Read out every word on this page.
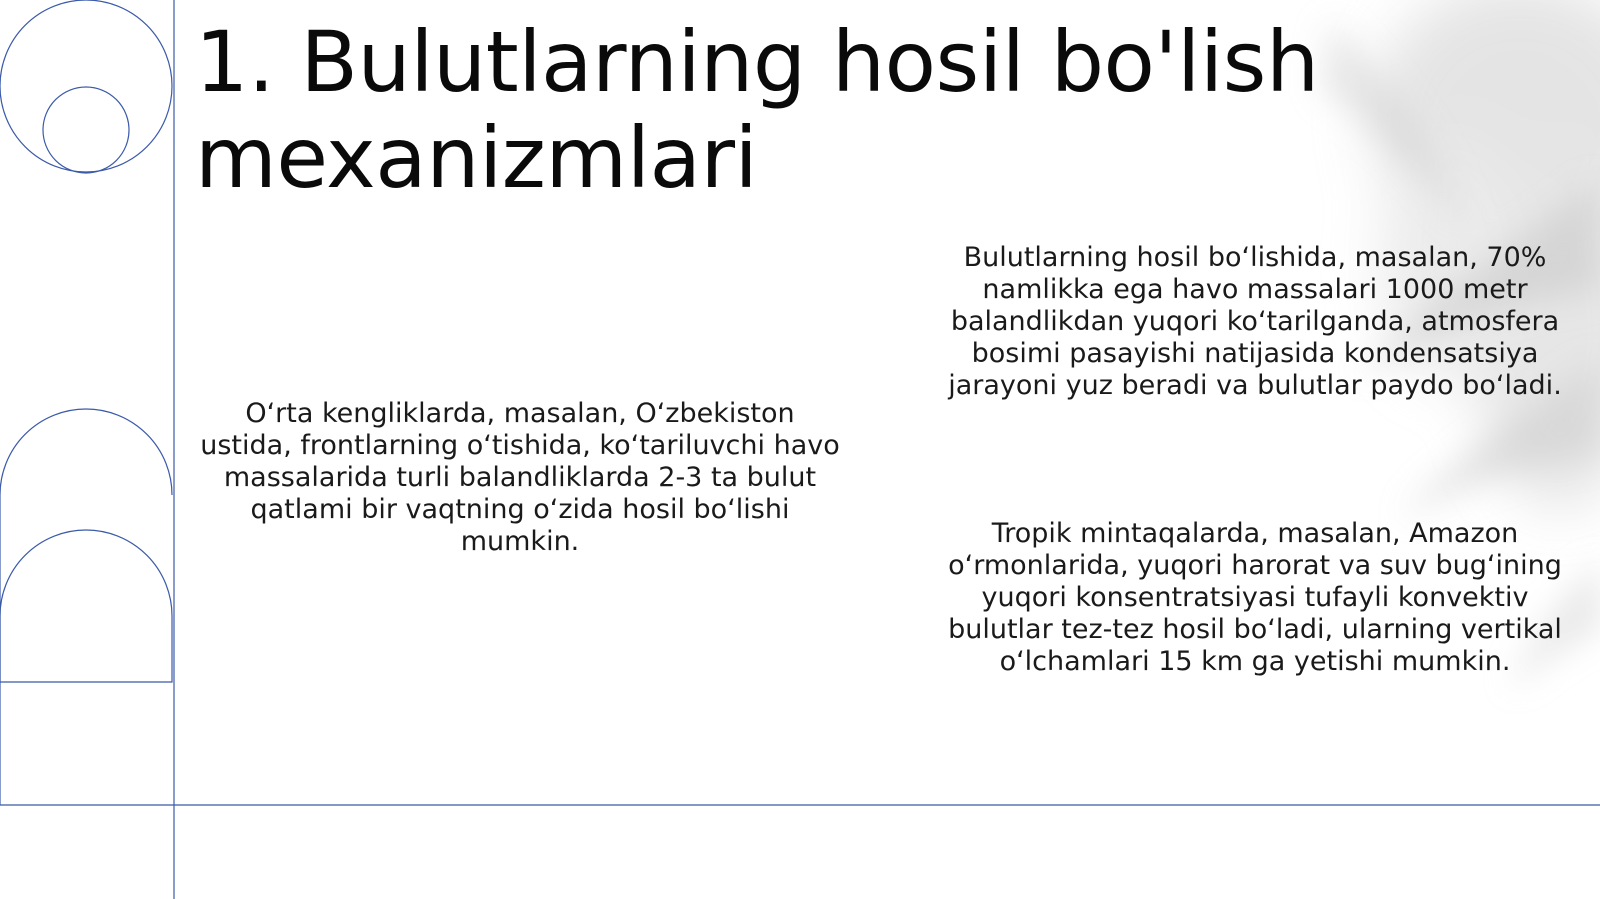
1. Bulutlarning hosil bo'lish mexanizmlari

O‘rta kengliklarda, masalan, O‘zbekiston ustida, frontlarning o‘tishida, ko‘tariluvchi havo massalarida turli balandliklarda 2-3 ta bulut qatlami bir vaqtning o‘zida hosil bo‘lishi mumkin.

Bulutlarning hosil bo‘lishida, masalan, 70% namlikka ega havo massalari 1000 metr balandlikdan yuqori ko‘tarilganda, atmosfera bosimi pasayishi natijasida kondensatsiya jarayoni yuz beradi va bulutlar paydo bo‘ladi.

Tropik mintaqalarda, masalan, Amazon o‘rmonlarida, yuqori harorat va suv bug‘ining yuqori konsentratsiyasi tufayli konvektiv bulutlar tez-tez hosil bo‘ladi, ularning vertikal o‘lchamlari 15 km ga yetishi mumkin.
